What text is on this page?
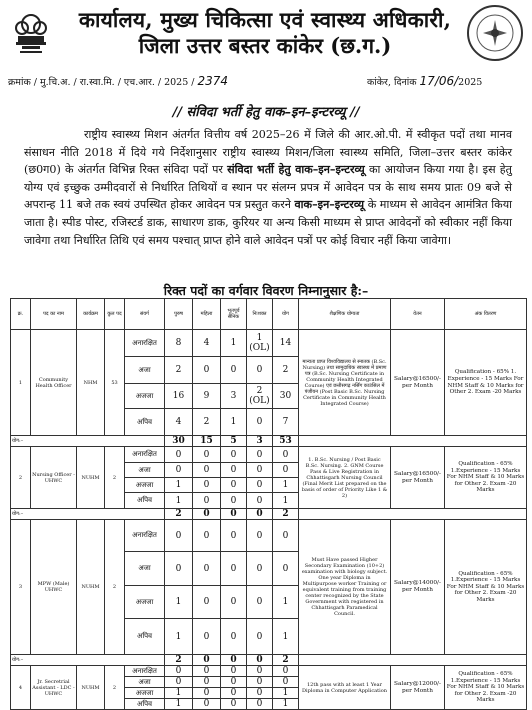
कार्यालय, मुख्य चिकित्सा एवं स्वास्थ्य अधिकारी,
जिला उत्तर बस्तर कांकेर (छ.ग.)
क्रमांक / मु.चि.अ. / रा.स्वा.मि. / एच.आर. / 2025 / 2374	कांकेर, दिनांक 17/06/2025
// संविदा भर्ती हेतु वाक–इन–इन्टरव्यू //
राष्ट्रीय स्वास्थ्य मिशन अंतर्गत वित्तीय वर्ष 2025–26 में जिले की आर.ओ.पी. में स्वीकृत पदों तथा मानव संसाधन नीति 2018 में दिये गये निर्देशानुसार राष्ट्रीय स्वास्थ्य मिशन/जिला स्वास्थ्य समिति, जिला–उत्तर बस्तर कांकेर (छ0ग0) के अंतर्गत विभिन्न रिक्त संविदा पदों पर संविदा भर्ती हेतु वाक–इन–इन्टरव्यू का आयोजन किया गया है। इस हेतु योग्य एवं इच्छुक उम्मीदवारों से निर्धारित तिथियों व स्थान पर संलग्न प्रपत्र में आवेदन पत्र के साथ समय प्रातः 09 बजे से अपरान्ह 11 बजे तक स्वयं उपस्थित होकर आवेदन पत्र प्रस्तुत करने वाक–इन–इन्टरव्यू के माध्यम से आवेदन आमंत्रित किया जाता है। स्पीड पोस्ट, रजिस्टर्ड डाक, साधारण डाक, कुरियर या अन्य किसी माध्यम से प्राप्त आवेदनों को स्वीकार नहीं किया जावेगा तथा निर्धारित तिथि एवं समय पश्चात् प्राप्त होने वाले आवेदन पत्रों पर कोई विचार नहीं किया जावेगा।
रिक्त पदों का वर्गवार विवरण निम्नानुसार है:–
क्र.	पद का नाम	कार्यक्रम	कुल पद	संवर्ग	पुरुष	महिला	भूतपूर्व सैनिक	निःशक्त	योग	शैक्षणिक योग्यता	वेतन	अंक वितरण
1	Community Health Officer	NHM	53	अनारक्षित	8	4	1	1 (OL)	14	मान्यता प्राप्त विश्वविद्यालय से स्नातक (B.Sc. Nursing) तथा सामुदायिक स्वास्थ्य में प्रमाण पत्र (B.Sc. Nursing Certificate in Community Health Integrated Course) एवं छत्तीसगढ़ नर्सिंग काउंसिल में पंजीयन (Post Basic B.Sc. Nursing Certificate in Community Health Integrated Course)	Salary@16500/- per Month	Qualification - 65% 1. Experience - 15 Marks For NHM Staff & 10 Marks for Other 2. Exam -20 Marks
				अजा	2	0	0	0	2			
				अजजा	16	9	3	2 (OL)	30			
				अपिव	4	2	1	0	7			
योग:–					30	15	5	3	53			
2	Nursing Officer - UHWC	NUHM	2	अनारक्षित	0	0	0	0	0	1. B.Sc. Nursing / Post Basic B.Sc. Nursing. 2. GNM Course Pass & Live Registration in Chhattisgarh Nursing Council (Final Merit List prepared on the basis of order of Priority Like 1 & 2)	Salary@16500/- per Month	Qualification - 65% 1.Experience - 15 Marks For NHM Staff & 10 Marks for Other 2. Exam -20 Marks
				अजा	0	0	0	0	0			
				अजजा	1	0	0	0	1			
				अपिव	1	0	0	0	1			
योग:–					2	0	0	0	2			
3	MPW (Male) UHWC	NUHM	2	अनारक्षित	0	0	0	0	0	Must Have passed Higher Secondary Examination (10+2) examination with biology subject. One year Diploma in Multipurpose worker Training or equivalent training from training center recognized by the State Government with registered in Chhattisgarh Paramedical Council.	Salary@14000/- per Month	Qualification - 65% 1.Experience - 15 Marks For NHM Staff & 10 Marks for Other 2. Exam -20 Marks
				अजा	0	0	0	0	0			
				अजजा	1	0	0	0	1			
				अपिव	1	0	0	0	1			
योग:–					2	0	0	0	2			
4	Jr. Secretrial Assistant - LDC - UHWC	NUHM	2	अनारक्षित	0	0	0	0	0	12th pass with at least 1 Year Diploma in Computer Application	Salary@12000/- per Month	Qualification - 65% 1.Experience - 15 Marks For NHM Staff & 10 Marks for Other 2. Exam -20 Marks
				अजा	0	0	0	0	0			
				अजजा	1	0	0	0	1			
				अपिव	1	0	0	0	1			
